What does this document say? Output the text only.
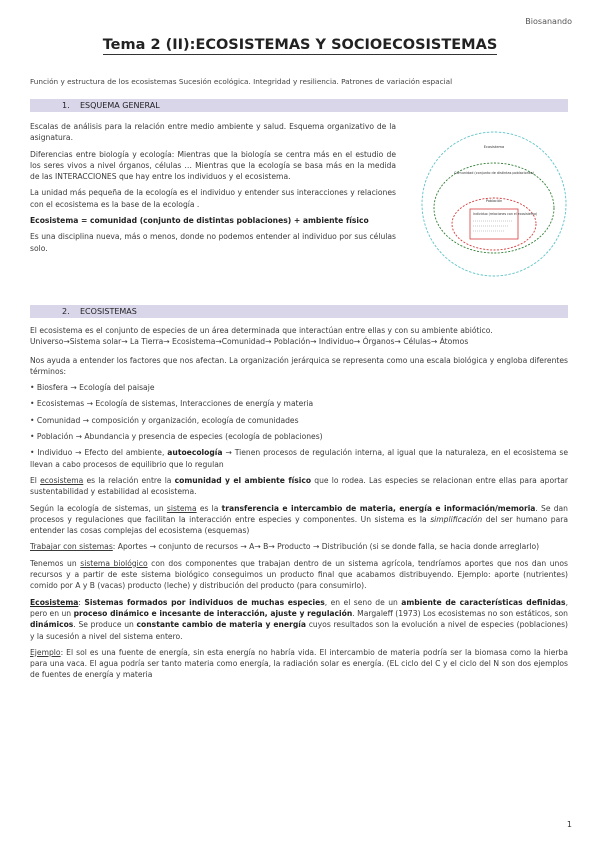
Biosanando
Tema 2 (II):ECOSISTEMAS Y SOCIOECOSISTEMAS
Función y estructura de los ecosistemas Sucesión ecológica. Integridad y resiliencia. Patrones de variación espacial
1. ESQUEMA GENERAL

Escalas de análisis para la relación entre medio ambiente y salud. Esquema organizativo de la asignatura.

Diferencias entre biología y ecología: Mientras que la biología se centra más en el estudio de los seres vivos a nivel órganos, células … Mientras que la ecología se basa más en la medida de las INTERACCIONES que hay entre los individuos y el ecosistema.

La unidad más pequeña de la ecología es el individuo y entender sus interacciones y relaciones con el ecosistema es la base de la ecología .

Ecosistema = comunidad (conjunto de distintas poblaciones) + ambiente físico

Es una disciplina nueva, más o menos, donde no podemos entender al individuo por sus células solo.

Ecosistema
Comunidad (conjunto de distintas poblaciones)
Población
Individuo (relaciones con el ecosistema)
2. ECOSISTEMAS
El ecosistema es el conjunto de especies de un área determinada que interactúan entre ellas y con su ambiente abiótico.
Universo→Sistema solar→ La Tierra→ Ecosistema→Comunidad→ Población→ Individuo→ Órganos→ Células→ Átomos

Nos ayuda a entender los factores que nos afectan. La organización jerárquica se representa como una escala biológica y engloba diferentes términos:

• Biosfera → Ecología del paisaje

• Ecosistemas → Ecología de sistemas, Interacciones de energía y materia

• Comunidad → composición y organización, ecología de comunidades

• Población → Abundancia y presencia de especies (ecología de poblaciones)

• Individuo → Efecto del ambiente, autoecología → Tienen procesos de regulación interna, al igual que la naturaleza, en el ecosistema se llevan a cabo procesos de equilibrio que lo regulan

El ecosistema es la relación entre la comunidad y el ambiente físico que lo rodea. Las especies se relacionan entre ellas para aportar sustentabilidad y estabilidad al ecosistema.

Según la ecología de sistemas, un sistema es la transferencia e intercambio de materia, energía e información/memoria. Se dan procesos y regulaciones que facilitan la interacción entre especies y componentes. Un sistema es la simplificación del ser humano para entender las cosas complejas del ecosistema (esquemas)

Trabajar con sistemas: Aportes → conjunto de recursos → A→ B→ Producto → Distribución (si se donde falla, se hacia donde arreglarlo)

Tenemos un sistema biológico con dos componentes que trabajan dentro de un sistema agrícola, tendríamos aportes que nos dan unos recursos y a partir de este sistema biológico conseguimos un producto final que acabamos distribuyendo. Ejemplo: aporte (nutrientes) comido por A y B (vacas) producto (leche) y distribución del producto (para consumirlo).

Ecosistema: Sistemas formados por individuos de muchas especies, en el seno de un ambiente de características definidas, pero en un proceso dinámico e incesante de interacción, ajuste y regulación. Margaleff (1973) Los ecosistemas no son estáticos, son dinámicos. Se produce un constante cambio de materia y energía cuyos resultados son la evolución a nivel de especies (poblaciones) y la sucesión a nivel del sistema entero.

Ejemplo: El sol es una fuente de energía, sin esta energía no habría vida. El intercambio de materia podría ser la biomasa como la hierba para una vaca. El agua podría ser tanto materia como energía, la radiación solar es energía. (EL ciclo del C y el ciclo del N son dos ejemplos de fuentes de energía y materia

1
